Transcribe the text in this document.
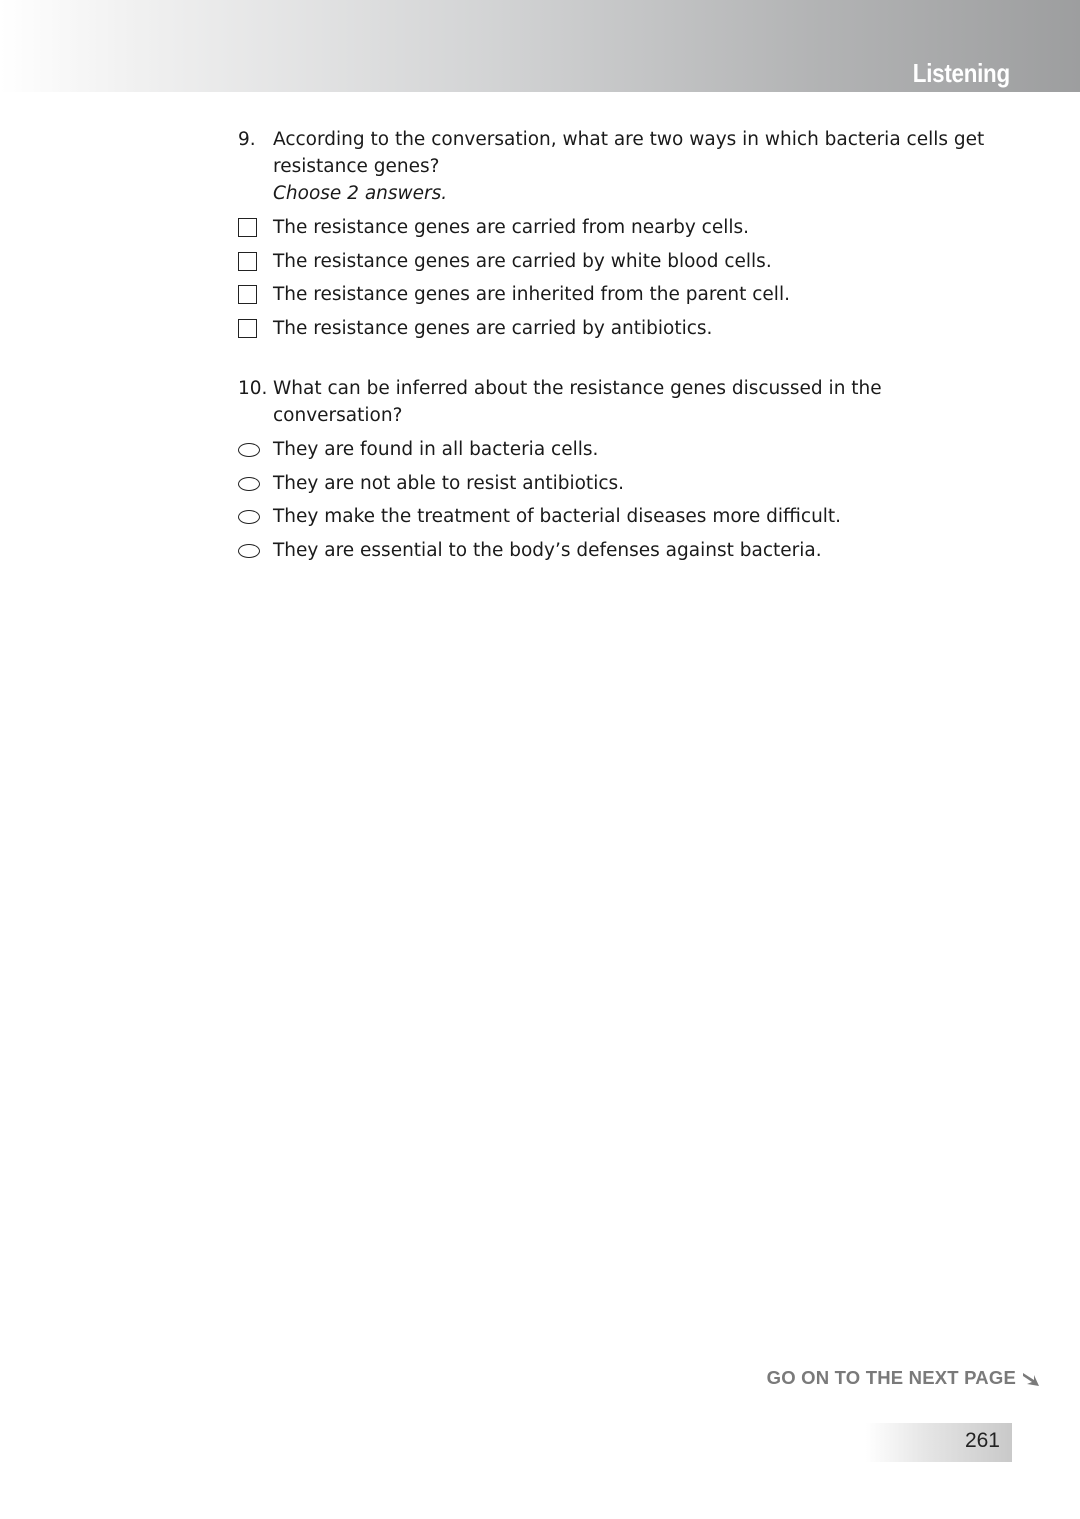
Listening
9. According to the conversation, what are two ways in which bacteria cells get resistance genes?
Choose 2 answers.
The resistance genes are carried from nearby cells.
The resistance genes are carried by white blood cells.
The resistance genes are inherited from the parent cell.
The resistance genes are carried by antibiotics.
10. What can be inferred about the resistance genes discussed in the conversation?
They are found in all bacteria cells.
They are not able to resist antibiotics.
They make the treatment of bacterial diseases more difficult.
They are essential to the body’s defenses against bacteria.
GO ON TO THE NEXT PAGE
261
